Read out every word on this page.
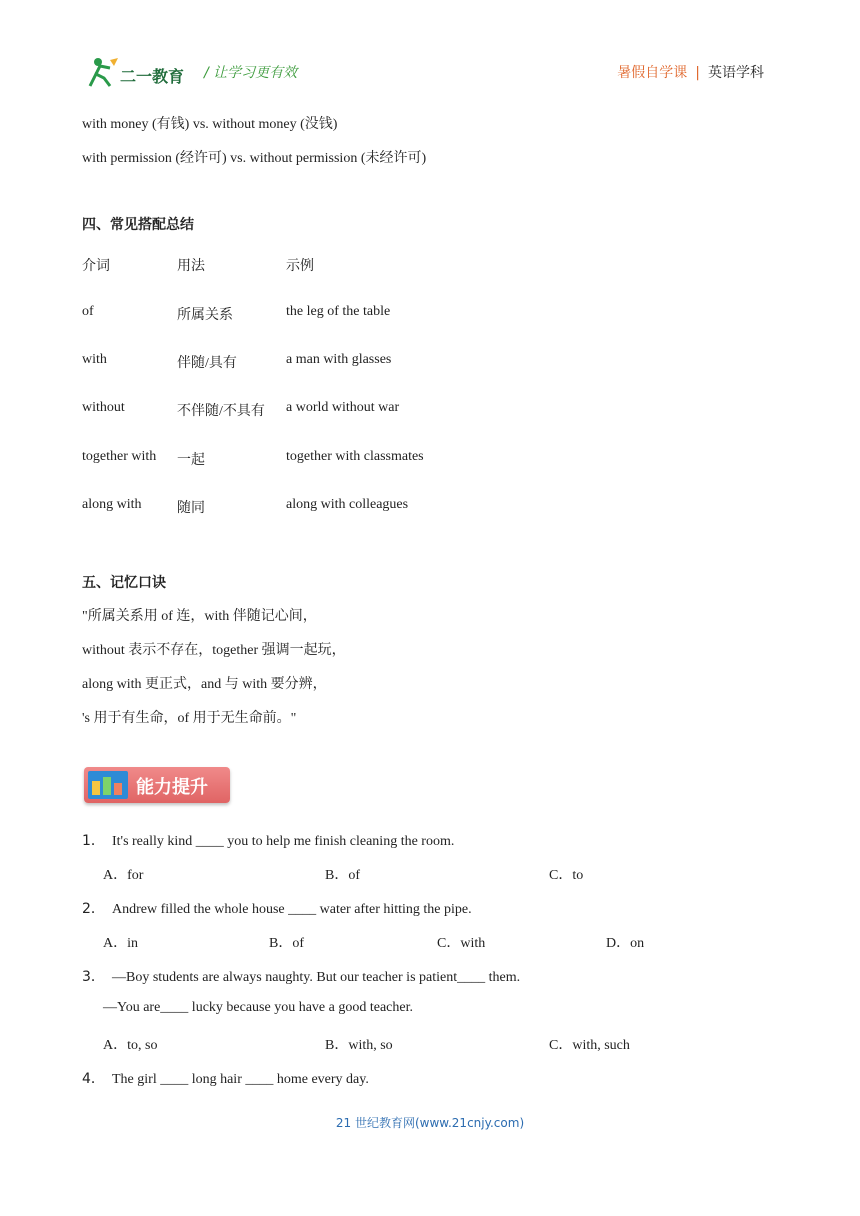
二一教育 / 让学习更有效	暑假自学课 | 英语学科
with money (有钱) vs. without money (没钱)
with permission (经许可) vs. without permission (未经许可)
四、常见搭配总结
介词	用法	示例
of	所属关系	the leg of the table
with	伴随/具有	a man with glasses
without	不伴随/不具有 a world without war
together with 一起	together with classmates
along with	随同	along with colleagues
五、记忆口诀
"所属关系用 of 连，with 伴随记心间，
without 表示不存在，together 强调一起玩，
along with 更正式，and 与 with 要分辨，
's 用于有生命，of 用于无生命前。"
能力提升
1． It's really kind ____ you to help me finish cleaning the room.
A．for	B．of	C．to
2． Andrew filled the whole house ____ water after hitting the pipe.
A．in	B．of	C．with	D．on
3． —Boy students are always naughty. But our teacher is patient____ them.
—You are____ lucky because you have a good teacher.
A．to, so	B．with, so	C．with, such
4． The girl ____ long hair ____ home every day.
21 世纪教育网(www.21cnjy.com)
